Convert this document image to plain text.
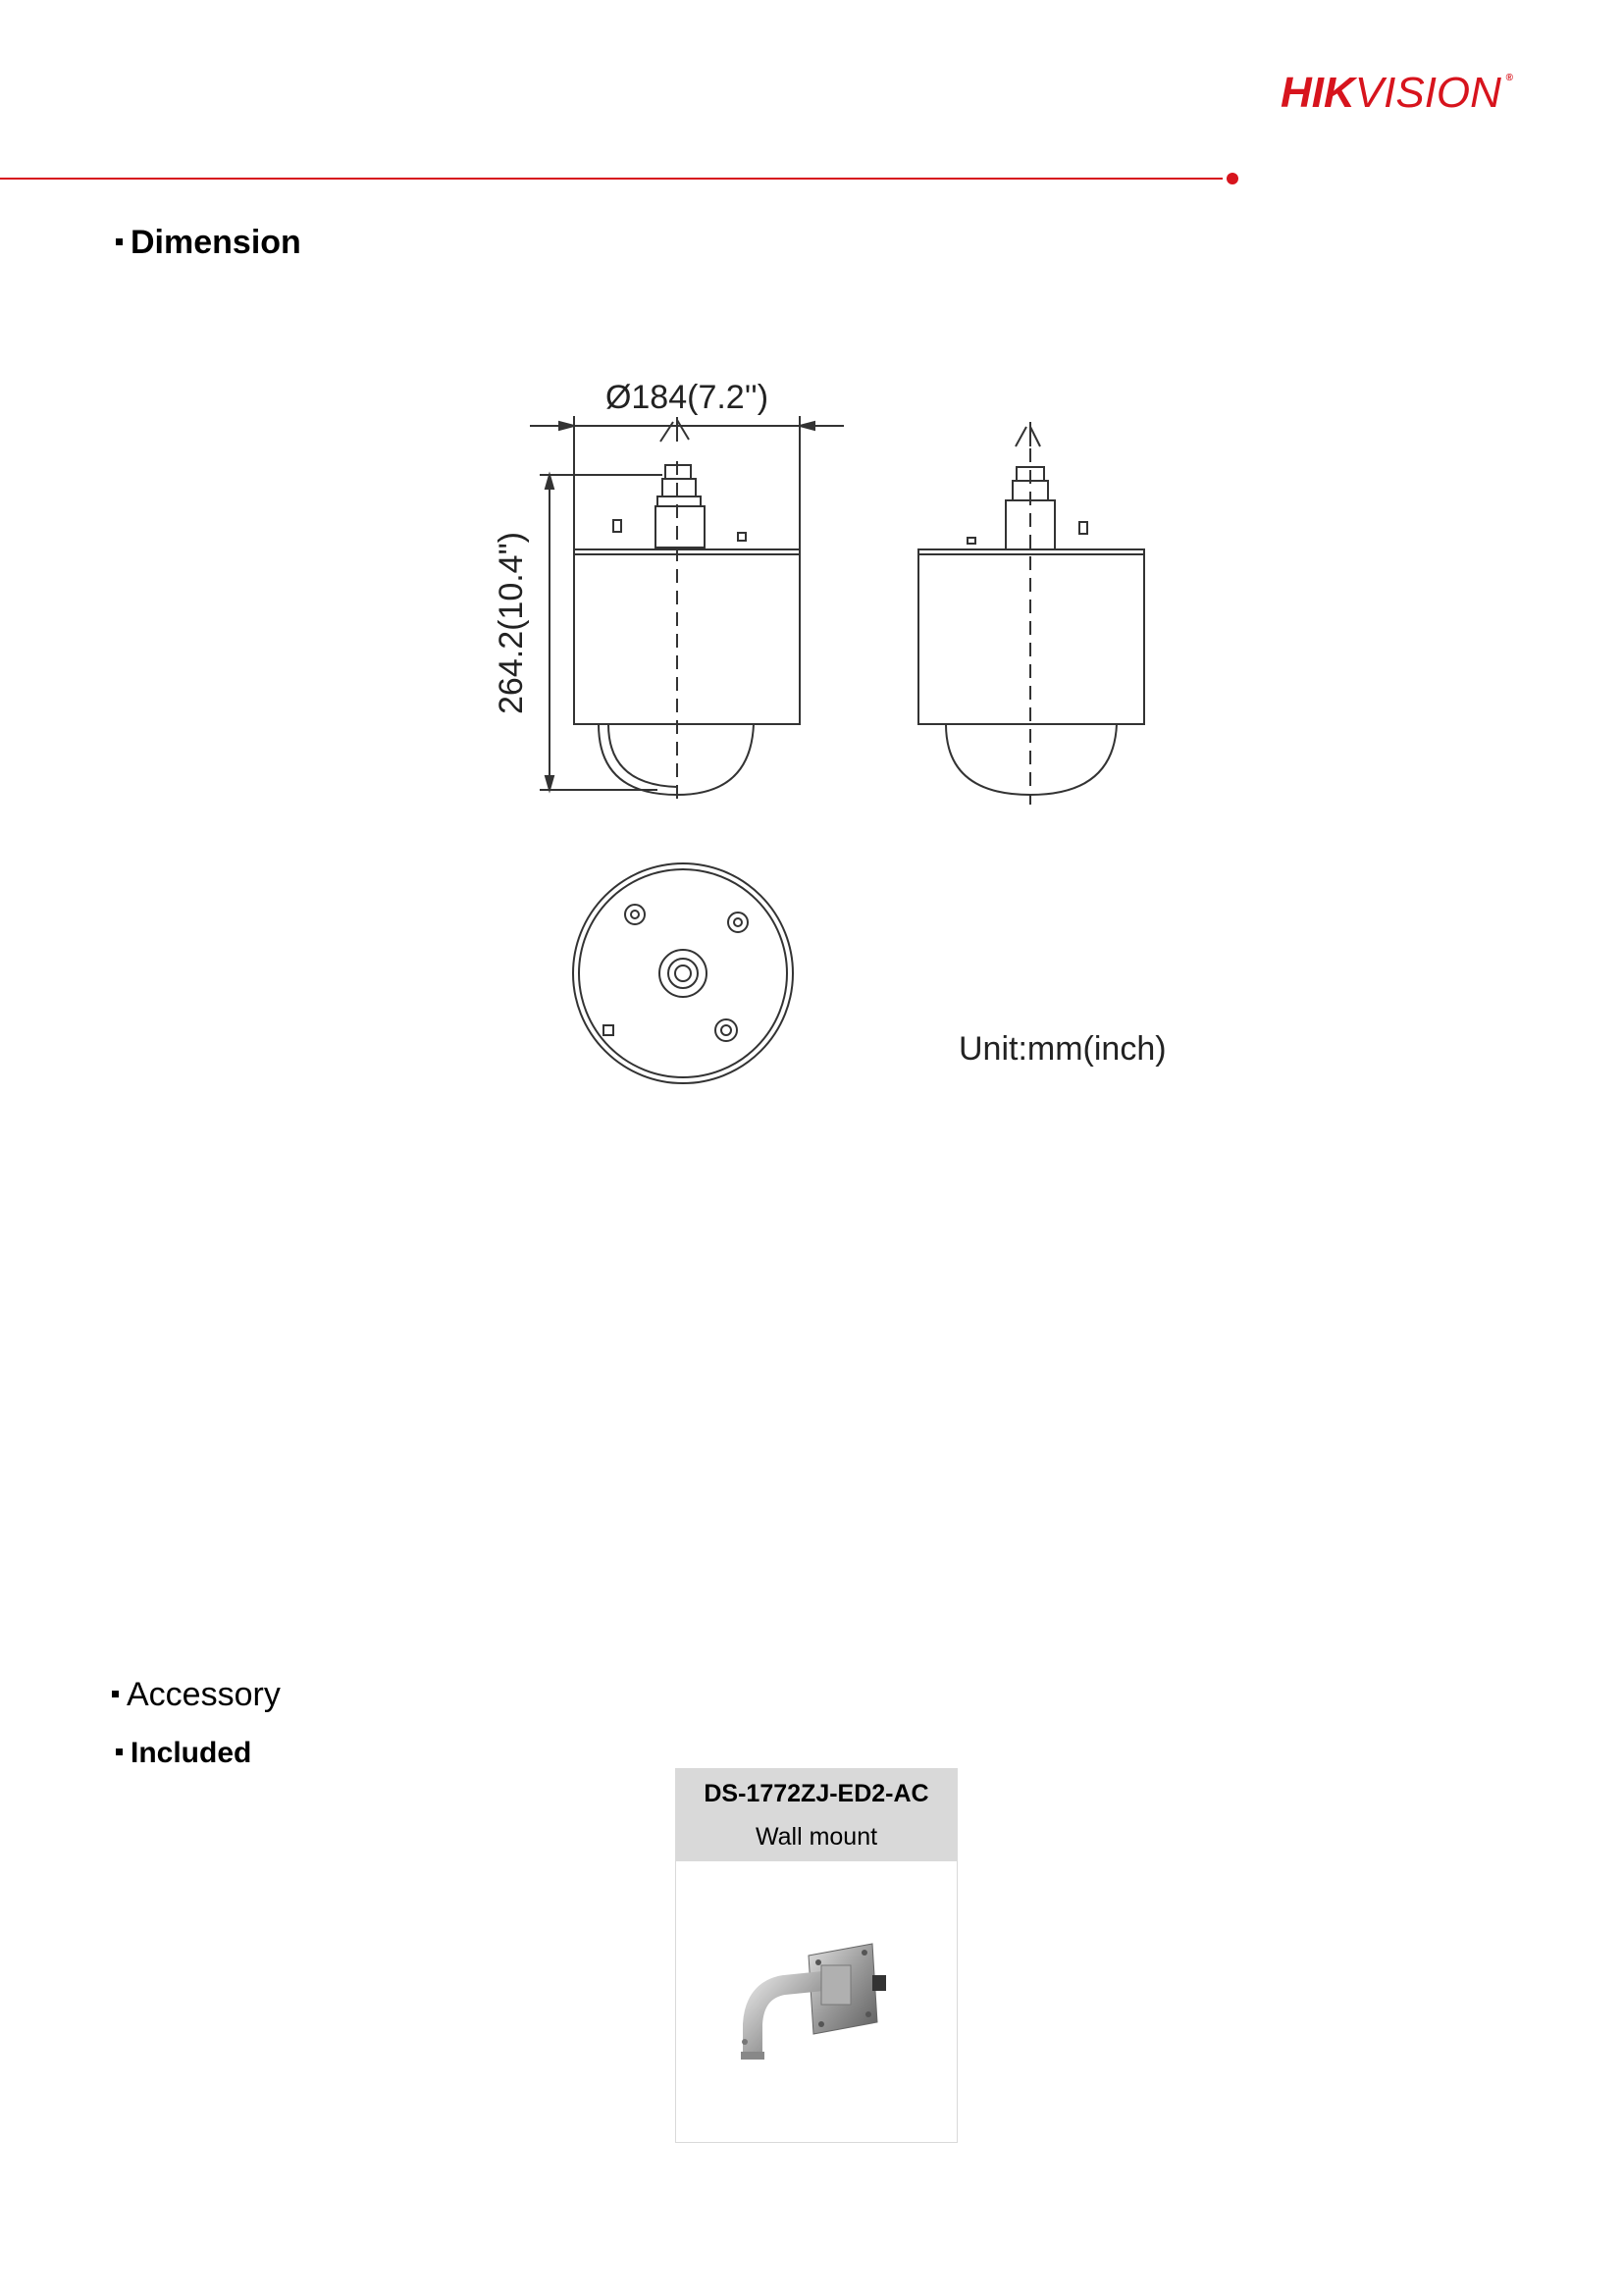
HIKVISION ®
Dimension
Ø184(7.2'')
264.2(10.4")
Unit:mm(inch)
Accessory
Included
DS-1772ZJ-ED2-AC
Wall mount
